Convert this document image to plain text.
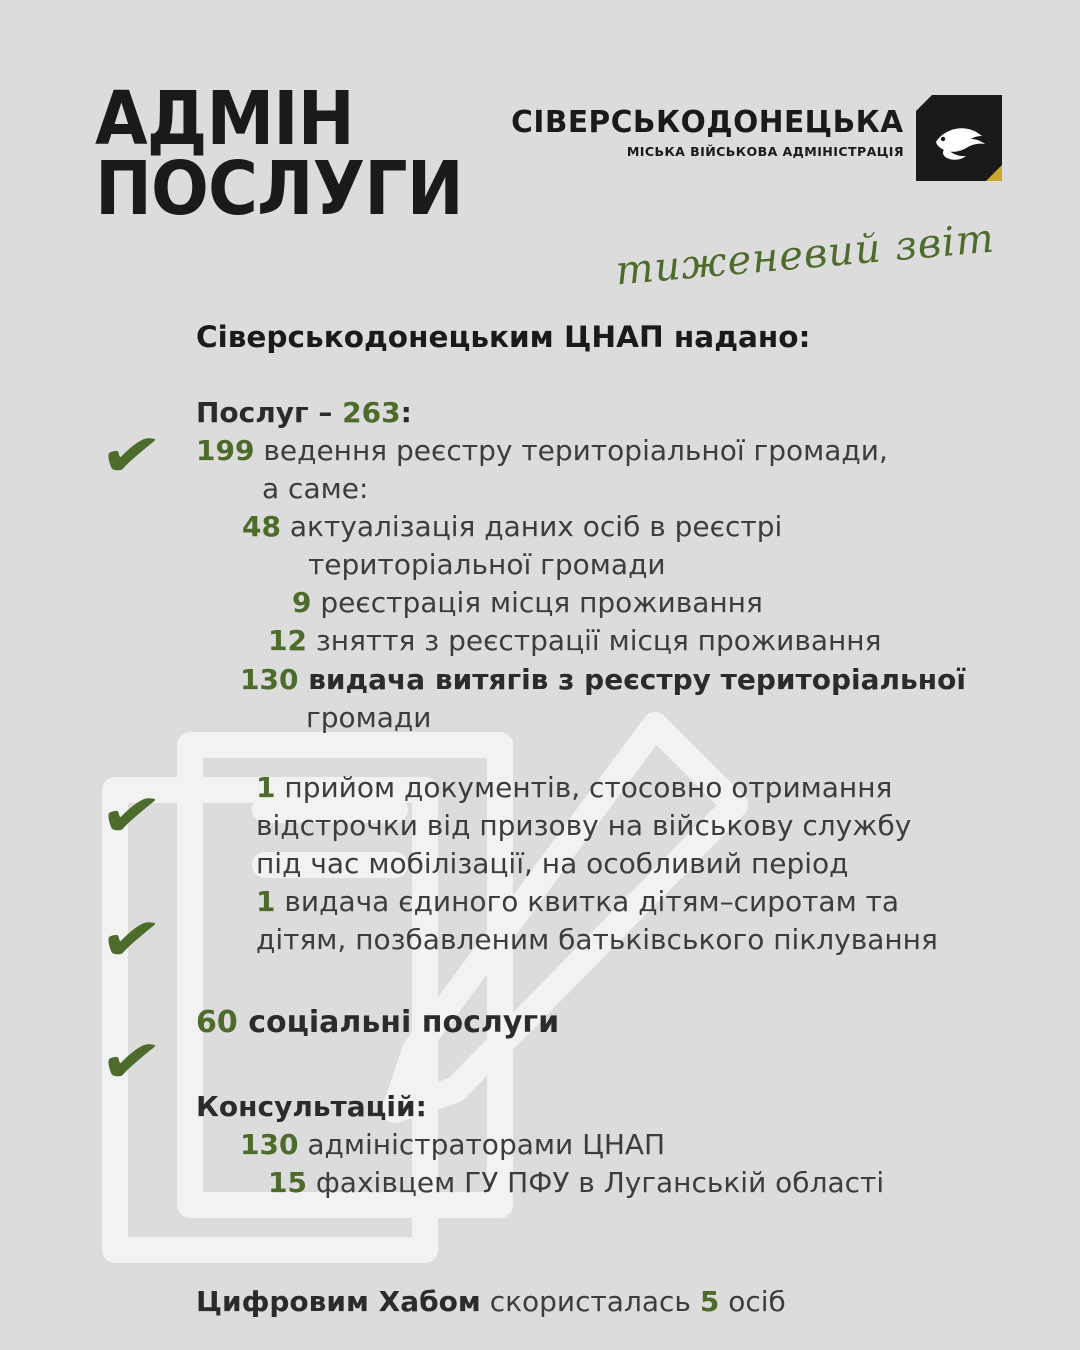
АДМІН
ПОСЛУГИ
СІВЕРСЬКОДОНЕЦЬКА
МІСЬКА ВІЙСЬКОВА АДМІНІСТРАЦІЯ
тиженевий звіт
✔
✔
✔
✔
Сіверськодонецьким ЦНАП надано:
Послуг – 263:
199 ведення реєстру територіальної громади,
а саме:
48 актуалізація даних осіб в реєстрі
територіальної громади
9 реєстрація місця проживання
12 зняття з реєстрації місця проживання
130 видача витягів з реєстру територіальної
громади
1 прийом документів, стосовно отримання
відстрочки від призову на військову службу
під час мобілізації, на особливий період
1 видача єдиного квитка дітям–сиротам та
дітям, позбавленим батьківського піклування
60 соціальні послуги
Консультацій:
130 адміністраторами ЦНАП
15 фахівцем ГУ ПФУ в Луганській області
Цифровим Хабом скористалась 5 осіб
